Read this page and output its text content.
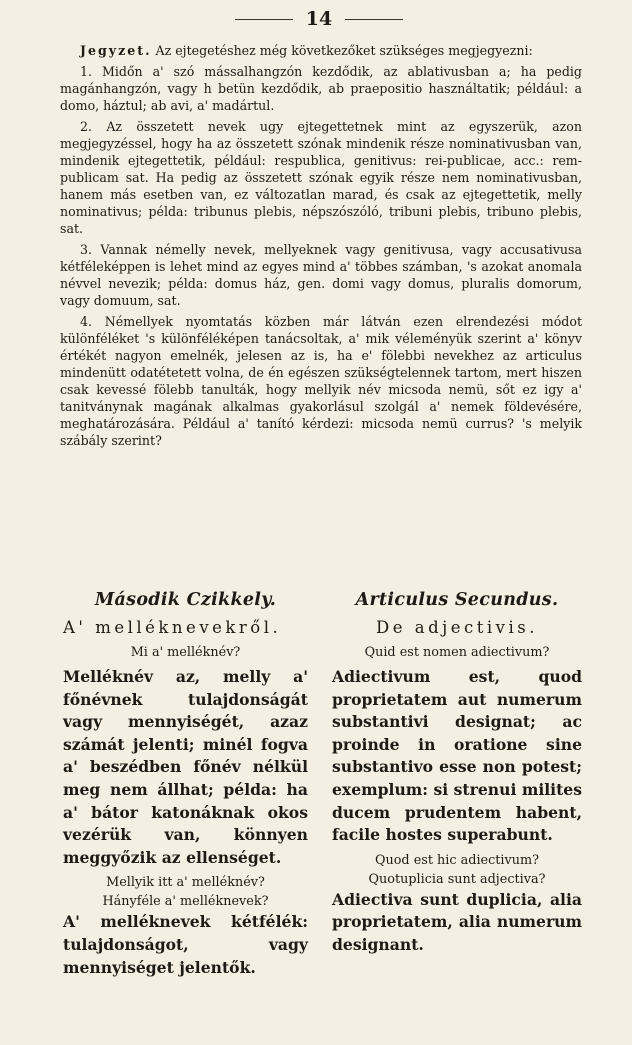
14

Jegyzet. Az ejtegetéshez még következőket szükséges megjegyezni:

1. Midőn a' szó mássalhangzón kezdődik, az ablativusban a; ha pedig magánhangzón, vagy h betün kezdődik, ab praepositio használtatik; például: a domo, háztul; ab avi, a' madártul.

2. Az összetett nevek ugy ejtegettetnek mint az egyszerük, azon megjegyzéssel, hogy ha az összetett szónak mindenik része nominativusban van, mindenik ejtegettetik, például: respublica, genitivus: rei-publicae, acc.: rem-publicam sat. Ha pedig az összetett szónak egyik része nem nominativusban, hanem más esetben van, ez változatlan marad, és csak az ejtegettetik, melly nominativus; példa: tribunus plebis, népszószóló, tribuni plebis, tribuno plebis, sat.

3. Vannak némelly nevek, mellyeknek vagy genitivusa, vagy accusativusa kétféleképpen is lehet mind az egyes mind a' többes számban, 's azokat anomala névvel nevezik; példa: domus ház, gen. domi vagy domus, pluralis domorum, vagy domuum, sat.

4. Némellyek nyomtatás közben már látván ezen elrendezési módot különféléket 's különféléképen tanácsoltak, a' mik véleményük szerint a' könyv értékét nagyon emelnék, jelesen az is, ha e' fölebbi nevekhez az articulus mindenütt odatétetett volna, de én egészen szükségtelennek tartom, mert hiszen csak kevessé fölebb tanulták, hogy mellyik név micsoda nemü, sőt ez igy a' tanitványnak magának alkalmas gyakorlásul szolgál a' nemek földevésére, meghatározására. Például a' tanító kérdezi: micsoda nemü currus? 's melyik szábály szerint?

Második Czikkely.
A' melléknevekről.
Mi a' melléknév?
Melléknév az, melly a' főnévnek tulajdonságát vagy mennyiségét, azaz számát jelenti; minél fogva a' beszédben főnév nélkül meg nem állhat; példa: ha a' bátor katonáknak okos vezérük van, könnyen meggyőzik az ellenséget.
Mellyik itt a' melléknév?
Hányféle a' melléknevek?
A' melléknevek kétfélék: tulajdonságot, vagy mennyiséget jelentők.
Articulus Secundus.
De adjectivis.
Quid est nomen adiectivum?
Adiectivum est, quod proprietatem aut numerum substantivi designat; ac proinde in oratione sine substantivo esse non potest; exemplum: si strenui milites ducem prudentem habent, facile hostes superabunt.
Quod est hic adiectivum?
Quotuplicia sunt adjectiva?
Adiectiva sunt duplicia, alia proprietatem, alia numerum designant.
